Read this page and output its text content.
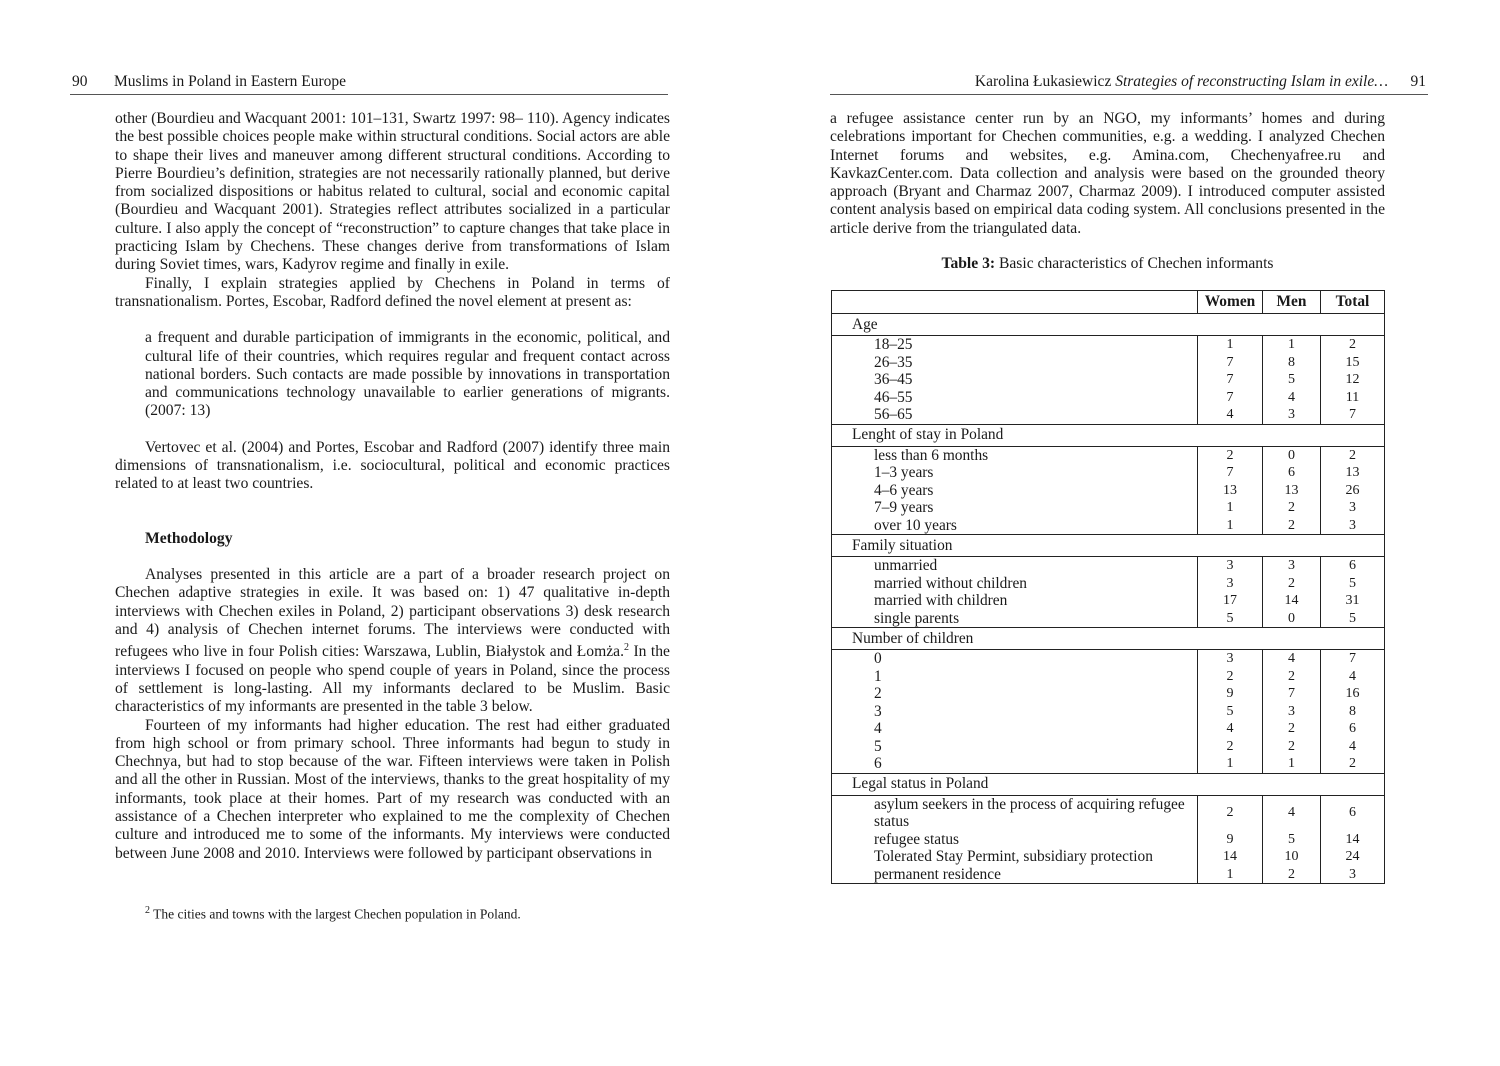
90 Muslims in Poland in Eastern Europe

other (Bourdieu and Wacquant 2001: 101–131, Swartz 1997: 98– 110). Agency indicates the best possible choices people make within structural conditions. Social actors are able to shape their lives and maneuver among different structural conditions. According to Pierre Bourdieu’s definition, strategies are not necessarily rationally planned, but derive from socialized dispositions or habitus related to cultural, social and economic capital (Bourdieu and Wacquant 2001). Strategies reflect attributes socialized in a particular culture. I also apply the concept of “reconstruction” to capture changes that take place in practicing Islam by Chechens. These changes derive from transformations of Islam during Soviet times, wars, Kadyrov regime and finally in exile.

Finally, I explain strategies applied by Chechens in Poland in terms of transnationalism. Portes, Escobar, Radford defined the novel element at present as:

a frequent and durable participation of immigrants in the economic, political, and cultural life of their countries, which requires regular and frequent contact across national borders. Such contacts are made possible by innovations in transportation and communications technology unavailable to earlier generations of migrants. (2007: 13)

Vertovec et al. (2004) and Portes, Escobar and Radford (2007) identify three main dimensions of transnationalism, i.e. sociocultural, political and economic practices related to at least two countries.

Methodology

Analyses presented in this article are a part of a broader research project on Chechen adaptive strategies in exile. It was based on: 1) 47 qualitative in-depth interviews with Chechen exiles in Poland, 2) participant observations 3) desk research and 4) analysis of Chechen internet forums. The interviews were conducted with refugees who live in four Polish cities: Warszawa, Lublin, Białystok and Łomża.$^2$ In the interviews I focused on people who spend couple of years in Poland, since the process of settlement is long-lasting. All my informants declared to be Muslim. Basic characteristics of my informants are presented in the table 3 below.

Fourteen of my informants had higher education. The rest had either graduated from high school or from primary school. Three informants had begun to study in Chechnya, but had to stop because of the war. Fifteen interviews were taken in Polish and all the other in Russian. Most of the interviews, thanks to the great hospitality of my informants, took place at their homes. Part of my research was conducted with an assistance of a Chechen interpreter who explained to me the complexity of Chechen culture and introduced me to some of the informants. My interviews were conducted between June 2008 and 2010. Interviews were followed by participant observations in

$^2$ The cities and towns with the largest Chechen population in Poland.
Karolina Łukasiewicz Strategies of reconstructing Islam in exile… 91

a refugee assistance center run by an NGO, my informants’ homes and during celebrations important for Chechen communities, e.g. a wedding. I analyzed Chechen Internet forums and websites, e.g. Amina.com, Chechenyafree.ru and KavkazCenter.com. Data collection and analysis were based on the grounded theory approach (Bryant and Charmaz 2007, Charmaz 2009). I introduced computer assisted content analysis based on empirical data coding system. All conclusions presented in the article derive from the triangulated data.

Table 3: Basic characteristics of Chechen informants
	Women	Men	Total
Age			
18–25	1	1	2
26–35	7	8	15
36–45	7	5	12
46–55	7	4	11
56–65	4	3	7
Lenght of stay in Poland			
less than 6 months	2	0	2
1–3 years	7	6	13
4–6 years	13	13	26
7–9 years	1	2	3
over 10 years	1	2	3
Family situation			
unmarried	3	3	6
married without children	3	2	5
married with children	17	14	31
single parents	5	0	5
Number of children			
0	3	4	7
1	2	2	4
2	9	7	16
3	5	3	8
4	4	2	6
5	2	2	4
6	1	1	2
Legal status in Poland			
asylum seekers in the process of acquiring refugee status	2	4	6
refugee status	9	5	14
Tolerated Stay Permint, subsidiary protection	14	10	24
permanent residence	1	2	3
